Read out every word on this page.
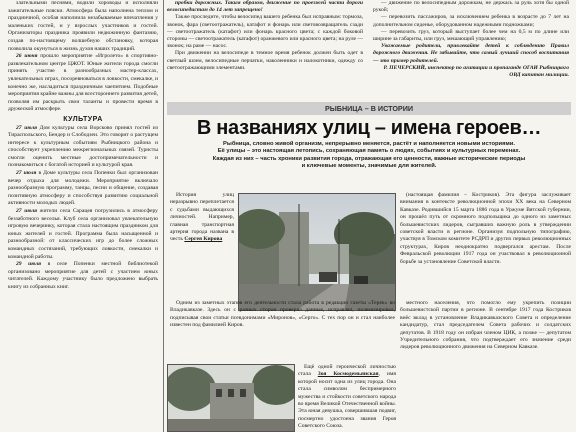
злательными песнями, водили хороводы и исполняли зажигательные пляски. Атмосфера была наполнена теплом и праздничной, особая наполнила незабываемые впечатления у маленьких гостей, и у взрослых участников и гостей. Организаторы праздника проявили недюжинную фантазию, создав по-настоящему волшебную обстановку, которая позволила окунуться в жизнь духов наших традиций.

26 июня прошло мероприятие «Игролето» в спортивно-развлекательном центре ЦЖОТ. Юные жители города смогли принять участие в разнообразных мастер-классах, увлекательных играх, посоревноваться в ловкости, смекалке, и конечно же, насладиться праздничным чаепитием. Подобные мероприятия крайне важны для всестороннего развития детей, позволяя им раскрыть свои таланты и провести время в дружеской атмосфере.

КУЛЬТУРА

27 июля Дом культуры села Ворсково принял гостей из Тираспольского, Бендер и Слободзеи. Это говорит о растущем интересе к культурным событиям Рыбницкого района и способствует укреплению межрегиональных связей. Туристы смогли оценить местные достопримечательности и познакомиться с богатой историей и культурой края.

27 июля в Доме культуры села Попенки был организован вечер отдыха для молодежи. Мероприятие включало разнообразную программу, танцы, песни и общение, создавая позитивную атмосферу и способствуя развитию социальной активности молодых людей.

27 июля жители села Сарацея погрузились в атмосферу беззаботного веселья. Клуб села организовал увлекательную игровую вечеринку, которая стала настоящим праздником для юных жителей и гостей. Программа была насыщенной и разнообразной: от классических игр до более сложных командных состязаний, требующих ловкости, смекалки и командной работы.

29 июля в селе Попенки местной библиотекой организовано мероприятие для детей с участием юных читателей. Каждому участнику было предложено выбрать книгу из собранных книг.

пробки дорожных. Таким образом, движение по проезжей части дороги велосипедистам до 14 лет запрещено!

Также проследите, чтобы велосипед вашего ребенка был исправным: тормоза, звонок, фара (светоотражатель), катафот и фонарь или световозвращатель сзади — светоотражатель (катафот) или фонарь красного цвета; с каждой боковой стороны — светоотражатель (катафот) оранжевого или красного цвета; на руле — звонок; на раме — насос.

При движении на велосипеде в темное время ребенок должен быть одет в светлый шлем, велосипедные перчатки, наколенники и налокотники, одежду со светоотражающими элементами.

— движение по велосипедным дорожкам, не держась за руль хотя бы одной рукой;

— перевозить пассажиров, за исключением ребенка в возрасте до 7 лет на дополнительном сиденье, оборудованном надежными подножками;

— перевозить груз, который выступает более чем на 0,5 м по длине или ширине за габариты, или груз, мешающий управлению;

Уважаемые родители, привлекайте детей к соблюдению Правил дорожного движения. Не забывайте, что самый лучший способ воспитания — это пример родителей.

Р. ПЕЧЕРСКИЙ, инспектор по агитации и пропаганде ОГАИ Рыбницкого ОВД капитан милиции.

РЫБНИЦА – В ИСТОРИИ
В названиях улиц – имена героев…

Рыбница, словно живой организм, непрерывно меняется, растёт и наполняется новыми историями.

Её улицы – это настоящая летопись, сохраняющая память о людях, событиях и культурных переменах.

Каждая из них – часть хроники развития города, отражающая его ценности, важные исторические периоды

и ключевые моменты, значимые для жителей.

История улиц неразрывно переплетается с судьбами выдающихся личностей. Например, главная транспортная артерия города названа в честь Сергея Кирова

(настоящая фамилия – Костриков). Эта фигура заслуживает внимания в контексте революционной эпохи XX века на Северном Кавказе. Родившийся 15 марта 1886 года в Уржуме Вятской губернии, он прошёл путь от скромного подпольщика до одного из заметных большевистских лидеров, сыгравших важную роль в утверждении советской власти в регионе. Организуя подпольную типографию, участвуя в Томском комитете РСДРП и других первых революционных структурах, Киров неоднократно подвергался арестам. После Февральской революции 1917 года он участвовал в революционной борьбе за установление Советской власти.

Одним из заметных этапов его деятельности стала работа в редакции газеты «Терек» во Владикавказе. Здесь он с разных сторон проверял данные, исправлял, полемизировал, подписывая свои статьи псевдонимами «Миронов», «Серго». С тех пор он и стал наиболее известен под фамилией Киров.

местного населения, что помогло ему укрепить позиции большевистской партии в регионе. В сентябре 1917 года Костриков внёс вклад в установление Владикавказского Совета и определение кандидатур, стал председателем Совета рабочих и солдатских депутатов. В 1918 году он избран членом ЦИК, а позже — депутатом Учредительного собрания, что подтверждает его значение среди лидеров революционного движения на Северном Кавказе.

Ещё одной героической личностью стала Зоя Космодемьянская, имя которой носит одна из улиц города. Она стала символом беспримерного мужества и стойкости советского народа во время Великой Отечественной войны. Эта юная девушка, совершившая подвиг, посмертно удостоена звания Героя Советского Союза.
